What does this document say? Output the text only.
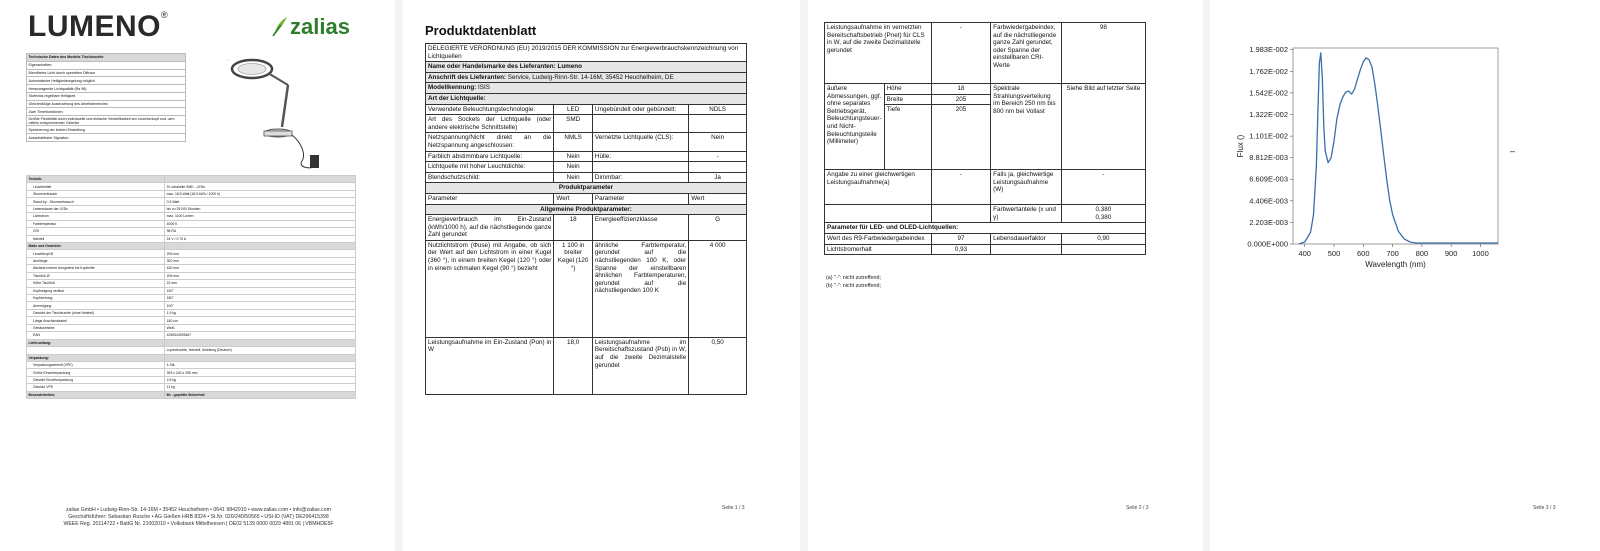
LUMENO®	zalias
Technische Daten des Modells Tischleuchte
Eigenschaften:
Blendfreies Licht durch speziellen Diffusor
Automatische Helligkeitsregelung möglich
Herausragende Lichtqualität (Ra 98)
Stufenlos regelbare Helligkeit
Gleichmäßige Ausleuchtung des Arbeitsbereiches
Zwei Timerfunktionen
Größte Flexibilität durch individuelle und einfache Verstellbarkeit am Leuchtenkopf und -arm mittels entsprechender Gelenke
Speicherung der letzten Einstellung
Ausschaltbarer Signalton
Technik:	
Leuchtmittel	91 ultrahelle SMD - LEDs
Stromverbrauch	max. 18,5 Watt (18,5 kWh / 1000 h)
Stand-by - Stromverbrauch	0,5 Watt
Lebensdauer der LEDs	bis zu 25.000 Stunden
Lichtstrom	max. 1100 Lumen
Farbtemperatur	4000 K
CRI	98 RA
Netzteil	24 V / 0,75 A
Maße und Gewichte:	
Leuchtkopf Ø	205 mm
Armlänge	300 mm
Abstand unterer Armgelenk bis Kopfmitte	430 mm
Tischfuß Ø	205 mm
Höhe Tischfuß	22 mm
Kopfneigung vertikal	150°
Kopfdrehung	180°
Armneigung	100°
Gewicht der Tischleuchte (ohne Netzteil)	1,9 kg
Länge Anschlusskabel	180 cm
Gehäusefarbe	Weiß
EAN	4250543505467
Lieferumfang:	
	Lupenleuchte, Netzteil, Anleitung (Deutsch)
Verpackung:	
Verpackungseinheit (VPE)	4 Stk.
Größe Einzelverpackung	393 x 243 x 255 mm
Gewicht Einzelverpackung	2,5 kg
Gewicht VPE	11 kg
Besonderheiten:	6h - geprüfte Sicherheit
zalias GmbH • Ludwig-Rinn-Str. 14-16M • 35452 Heuchelheim • 0641 9842910 • www.zalias.com • info@zalias.com
Geschäftsführer: Sebastian Rusche • AG Gießen HRB 8324 • St.Nr. 020/240/50565 • USt-ID (VAT) DE296415398
WEEE Reg. 20114722 • BattG Nr. 21002010 • Volksbank Mittelhessen | DE02 5139 0000 0029 4891 06 | VBMHDE5F
Produktdatenblatt
DELEGIERTE VERORDNUNG (EU) 2019/2015 DER KOMMISSION zur Energieverbrauchskennzeichnung von Lichtquellen			
Name oder Handelsmarke des Lieferanten: Lumeno			
Anschrift des Lieferanten: Service, Ludwig-Rinn-Str. 14-16M, 35452 Heuchelheim, DE			
Modellkennung: ISIS			
Art der Lichtquelle:			
Verwendete Beleuchtungstechnologie:	LED	Ungebündelt oder gebündelt:	NDLS
Art des Sockels der Lichtquelle (oder andere elektrische Schnittstelle)	SMD		
Netzspannung/Nicht direkt an die Netzspannung angeschlossen:	NMLS	Vernetzte Lichtquelle (CLS):	Nein
Farblich abstimmbare Lichtquelle:	Nein	Hülle:	-
Lichtquelle mit hoher Leuchtdichte:	Nein		
Blendschutzschild:	Nein	Dimmbar:	Ja
Produktparameter			
Parameter	Wert	Parameter	Wert
Allgemeine Produktparameter:			
Energieverbrauch im Ein-Zustand (kWh/1000 h), auf die nächstliegende ganze Zahl gerundet	18	Energieeffizienzklasse	G
Nutzlichtstrom (Φuse) mit Angabe, ob sich der Wert auf den Lichtstrom in einer Kugel (360 °), in einem breiten Kegel (120 °) oder in einem schmalen Kegel (90 °) bezieht	1 100 in breiter Kegel (120 °)	ähnliche Farbtemperatur, gerundet auf die nächstliegenden 100 K, oder Spanne der einstellbaren ähnlichen Farbtemperaturen, gerundet auf die nächstliegenden 100 K	4 000
Leistungsaufnahme im Ein-Zustand (Pon) in W	18,0	Leistungsaufnahme im Bereitschaftszustand (Psb) in W, auf die zweite Dezimalstelle gerundet	0,50
Seite 1 / 3
Leistungsaufnahme im vernetzten Bereitschaftsbetrieb (Pnet) für CLS in W, auf die zweite Dezimalstelle gerundet		-	Farbwiedergabeindex, auf die nächstliegende ganze Zahl gerundet, oder Spanne der einstellbaren CRI-Werte	98
äußere Abmessungen, ggf. ohne separates Betriebsgerät, Beleuchtungsteuer- und Nicht-Beleuchtungsteile (Millimeter)	Höhe	18	Spektrale Strahlungsverteilung im Bereich 250 nm bis 800 nm bei Vollast	Siehe Bild auf letzter Seite
	Breite	205		
	Tiefe	205		
Angabe zu einer gleichwertigen Leistungsaufnahme(a)		-	Falls ja, gleichwertige Leistungsaufnahme (W)	-
			Farbwertanteile (x und y)	0,380
0,380

Parameter für LED- und OLED-Lichtquellen:				
Wert des R9-Farbwiedergabeindex		97	Lebensdauerfaktor	0,90
Lichtstromerhalt		0,93		
(a) "-": nicht zutreffend;
(b) "-": nicht zutreffend;
Seite 2 / 3
0.000E+000
2.203E-003
4.406E-003
6.609E-003
8.812E-003
1.101E-002
1.322E-002
1.542E-002
1.762E-002
1.983E-002
400 500 600 700 800 900 1000
Wavelength (nm)
Flux ()
Seite 3 / 3
–
